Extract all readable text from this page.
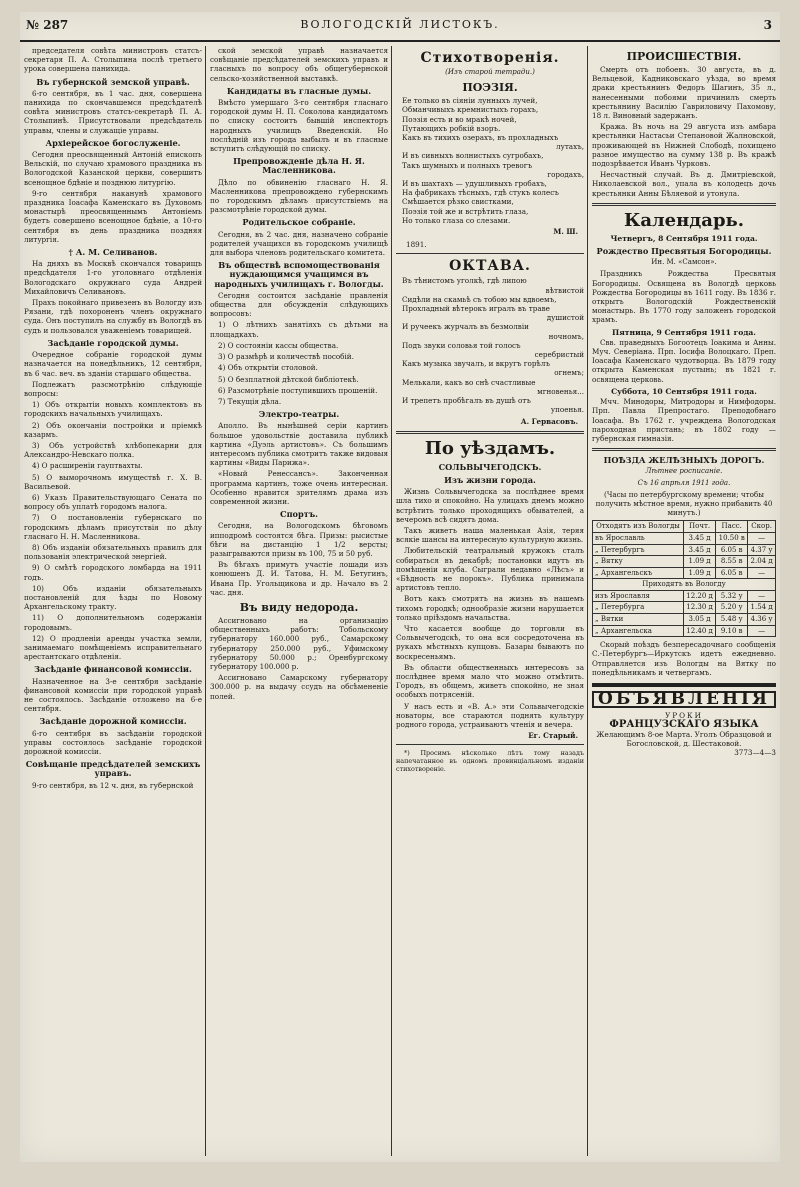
№ 287	ВОЛОГОДСКІЙ ЛИСТОКЪ.	3

председателя совѣта министровъ статсъ-секретаря П. А. Столыпина послѣ третьего урока совершена панихида.

Въ губернской земской управѣ.

6-го сентября, въ 1 час. дня, совершена панихида по скончавшемся предсѣдателѣ совѣта министровъ статсъ-секретарѣ П. А. Столыпинѣ. Присутствовали предсѣдатель управы, члены и служащіе управы.

Архіерейское богослуженіе.

Сегодня преосвященный Антоній епископъ Вельскій, по случаю храмового праздника въ Вологодской Казанской церкви, совершитъ всенощное бдѣніе и позднюю литургію.

9-го сентября наканунѣ храмового праздника Іоасафа Каменскаго въ Духовомъ монастырѣ преосвященнымъ Антоніемъ будетъ совершено всенощное бдѣніе, а 10-го сентября въ день праздника поздняя литургія.

† А. М. Селиванов.

На дняхъ въ Москвѣ скончался товарищъ предсѣдателя 1-го уголовнаго отдѣленія Вологодскаго окружнаго суда Андрей Михайловичъ Селивановъ.

Прахъ покойнаго привезенъ въ Вологду изъ Рязани, гдѣ похороненъ членъ окружнаго суда. Онъ поступилъ на службу въ Вологдѣ въ судъ и пользовался уваженіемъ товарищей.

Засѣданіе городской думы.

Очередное собраніе городской думы назначается на понедѣльникъ, 12 сентября, въ 6 час. веч. въ зданіи старшаго общества.

Подлежатъ разсмотрѣнію слѣдующіе вопросы:

1) Объ открытіи новыхъ комплектовъ въ городскихъ начальныхъ училищахъ.

2) Объ окончаніи постройки и пріемкѣ казармъ.

3) Объ устройствѣ хлѣбопекарни для Александро-Невскаго полка.

4) О расширеніи гауптвахты.

5) О выморочномъ имуществѣ г. Х. В. Васильевой.

6) Указъ Правительствующаго Сената по вопросу объ уплатѣ городомъ налога.

7) О постановленіи губернскаго по городскимъ дѣламъ присутствія по дѣлу гласнаго Н. Н. Масленникова.

8) Объ изданіи обязательныхъ правилъ для пользованія электрической энергіей.

9) О смѣтѣ городского ломбарда на 1911 годъ.

10) Объ изданіи обязательныхъ постановленій для ѣзды по Новому Архангельскому тракту.

11) О дополнительномъ содержаніи городовымъ.

12) О продленіи аренды участка земли, занимаемаго помѣщеніемъ исправительнаго арестантскаго отдѣленія.

Засѣданіе финансовой комиссіи.

Назначенное на 3-е сентября засѣданіе финансовой комиссіи при городской управѣ не состоялось. Засѣданіе отложено на 6-е сентября.

Засѣданіе дорожной комиссіи.

6-го сентября въ засѣданіи городской управы состоялось засѣданіе городской дорожной комиссіи.

Совѣщаніе предсѣдателей земскихъ управъ.

9-го сентября, въ 12 ч. дня, въ губернской

ской земской управѣ назначается совѣщаніе предсѣдателей земскихъ управъ и гласныхъ по вопросу объ общегубернской сельско-хозяйственной выставкѣ.

Кандидаты въ гласные думы.

Вмѣсто умершаго 3-го сентября гласнаго городской думы Н. П. Соколова кандидатомъ по списку состоитъ бывшій инспекторъ народныхъ училищъ Введенскій. Но послѣдній изъ города выбылъ и въ гласные вступитъ слѣдующій по списку.

Препровожденіе дѣла Н. Я. Масленникова.

Дѣло по обвиненію гласнаго Н. Я. Масленникова препровождено губернскимъ по городскимъ дѣламъ присутствіемъ на разсмотрѣніе городской думы.

Родительское собраніе.

Сегодня, въ 2 час. дня, назначено собраніе родителей учащихся въ городскомъ училищѣ для выбора членовъ родительскаго комитета.

Въ обществѣ вспомоществованія нуждающимся учащимся въ народныхъ училищахъ г. Вологды.

Сегодня состоится засѣданіе правленія общества для обсужденія слѣдующихъ вопросовъ:

1) О лѣтнихъ занятіяхъ съ дѣтьми на площадкахъ.

2) О состояніи кассы общества.

3) О размѣрѣ и количествѣ пособій.

4) Объ открытіи столовой.

5) О безплатной дѣтской библіотекѣ.

6) Разсмотрѣніе поступившихъ прошеній.

7) Текущія дѣла.

Электро-театры.

Аполло. Въ нынѣшней серіи картинъ большое удовольствіе доставила публикѣ картина «Дуэль артистовъ». Съ большимъ интересомъ публика смотритъ также видовыя картины «Виды Парижа».

«Новый Ренессансъ». Законченная программа картинъ, тоже очень интересная. Особенно нравится зрителямъ драма изъ современной жизни.

Спортъ.

Сегодня, на Вологодскомъ бѣговомъ ипподромѣ состоятся бѣга. Призы: рысистые бѣги на дистанцію 1 1/2 версты; разыгрываются призы въ 100, 75 и 50 руб.

Въ бѣгахъ примутъ участіе лошади изъ конюшенъ Д. И. Татова, Н. М. Бетугинъ, Ивана Пр. Угольщикова и др. Начало въ 2 час. дня.

Въ виду недорода.

Ассигновано на организацію общественныхъ работъ: Тобольскому губернатору 160.000 руб., Самарскому губернатору 250.000 руб., Уфимскому губернатору 50.000 р.; Оренбургскому губернатору 100.000 р.

Ассигновано Самарскому губернатору 300.000 р. на выдачу ссудъ на обсѣмененіе полей.

Стихотворенія.
(Изъ старой тетради.)
ПОЭЗІЯ.
Ее только въ сіяніи лунныхъ лучей,
Обманчивыхъ кремнистыхъ горахъ,
Поэзія есть и во мракѣ ночей,
Путающихъ робкій взоръ.
Какъ въ тихихъ озерахъ, въ прохладныхъ
лутахъ,
И въ сивныхъ волнистыхъ сугробахъ,
Такъ шумныхъ и полныхъ тревогъ
городахъ,
И въ шахтахъ — удушливыхъ гробахъ,
На фабрикахъ тѣсныхъ, гдѣ стукъ колесъ
Смѣшается рѣзко свистками,
Поэзія той же и встрѣтить глаза,
Но только глаза со слезами.
М. Ш.
1891.
ОКТАВА.
Въ тѣнистомъ уголкѣ, гдѣ липою
вѣтвистой
Сидѣли на скамьѣ съ тобою мы вдвоемъ,
Прохладный вѣтерокъ игралъ въ траве
душистой
И ручеекъ журчалъ въ безмолвіи
ночномъ,
Подъ звуки соловья той голосъ
серебристый
Какъ музыка звучалъ, и вкругъ горѣлъ
огнемъ;
Мелькали, какъ во снѣ счастливые
мгновенья...
И трепетъ пробѣгалъ въ душѣ отъ
упоенья.
А. Гервасовъ.
По уѣздамъ.
СОЛЬВЫЧЕГОДСКЪ.
Изъ жизни города.

Жизнь Сольвычегодска за послѣднее время шла тихо и спокойно. На улицахъ днемъ можно встрѣтить только проходящихъ обывателей, а вечеромъ всѣ сидятъ дома.

Такъ живетъ наша маленькая Азія, теряя всякіе шансы на интересную культурную жизнь.

Любительскій театральный кружокъ сталъ собираться въ декабрѣ; постановки идутъ въ помѣщеніи клуба. Сыграли недавно «Лѣсъ» и «Бѣдность не порокъ». Публика принимала артистовъ тепло.

Вотъ какъ смотрятъ на жизнь въ нашемъ тихомъ городкѣ; однообразіе жизни нарушается только пріѣздомъ начальства.

Что касается вообще до торговли въ Сольвычегодскѣ, то она вся сосредоточена въ рукахъ мѣстныхъ купцовъ. Базары бываютъ по воскресеньямъ.

Въ области общественныхъ интересовъ за послѣднее время мало что можно отмѣтить. Городъ, въ общемъ, живетъ спокойно, не зная особыхъ потрясеній.

У насъ есть и «В. А.» эти Сольвычегодскіе новаторы, все стараются поднять культуру родного города, устраиваютъ чтенія и вечера.

Ег. Старый.

*) Просимъ нѣсколько лѣтъ тому назадъ напечатанное въ одномъ провинціальномъ изданіи стихотвореніе.

ПРОИСШЕСТВІЯ.

Смерть отъ побоевъ. 30 августа, въ д. Вельцевой, Кадниковскаго уѣзда, во время драки крестьянинъ Федоръ Шагинъ, 35 л., нанесенными побоями причинилъ смерть крестьянину Василію Гавриловичу Пахомову, 18 л. Виновный задержанъ.

Кража. Въ ночь на 29 августа изъ амбара крестьянки Настасьи Степановой Жалновской, проживающей въ Нижней Слободѣ, похищено разное имущество на сумму 138 р. Въ кражѣ подозрѣвается Иванъ Чурковъ.

Несчастный случай. Въ д. Дмитріевской, Николаевской вол., упала въ колодецъ дочь крестьянки Анны Бѣляевой и утонула.

Календарь.
Четвергъ, 8 Сентября 1911 года.
Рождество Пресвятыя Богородицы.
Ин. М. «Самсон».

Праздникъ Рождества Пресвятыя Богородицы. Освящена въ Вологдѣ церковь Рождества Богородицы въ 1611 году. Въ 1836 г. открытъ Вологодскій Рождественскій монастырь. Въ 1770 году заложенъ городской храмъ.

Пятница, 9 Сентября 1911 года.

Свв. праведныхъ Богоотецъ Іоакима и Анны. Муч. Северіана. Прп. Іосифа Волоцкаго. Преп. Іоасафа Каменскаго чудотворца. Въ 1879 году открыта Каменская пустынь; въ 1821 г. освящена церковь.

Суббота, 10 Сентября 1911 года.

Мчч. Минодоры, Митродоры и Нимфодоры. Прп. Павла Препростаго. Преподобнаго Іоасафа. Въ 1762 г. учреждена Вологодская пароходная пристань; въ 1802 году — губернская гимназія.

ПОѢЗДА ЖЕЛѢЗНЫХЪ ДОРОГЪ.
Лѣтнее росписаніе.
Съ 16 апрѣля 1911 года.

(Часы по петербургскому времени; чтобы получить мѣстное время, нужно прибавить 40 минутъ.)

Отходятъ изъ Вологды	Почт.	Пасс.	Скор.
въ Ярославль	3.45 д	10.50 в	—
„ Петербургъ	3.45 д	6.05 в	4.37 у
„ Вятку	1.09 д	8.55 в	2.04 д
„ Архангельскъ	1.09 д	6.05 в	—
Приходятъ въ Вологду			
изъ Ярославля	12.20 д	5.32 у	—
„ Петербурга	12.30 д	5.20 у	1.54 д
„ Вятки	3.05 д	5.48 у	4.36 у
„ Архангельска	12.40 д	9.10 в	—

Скорый поѣздъ безпересадочнаго сообщенія С.-Петербургъ—Иркутскъ идетъ ежедневно. Отправляется изъ Вологды на Вятку по понедѣльникамъ и четвергамъ.

ОБЪЯВЛЕНІЯ
УРОКИ
ФРАНЦУЗСКАГО ЯЗЫКА
Желающимъ 8-ое Марта. Уголъ Образцовой и Богословской, д. Шестаковой.
3773—4—3
